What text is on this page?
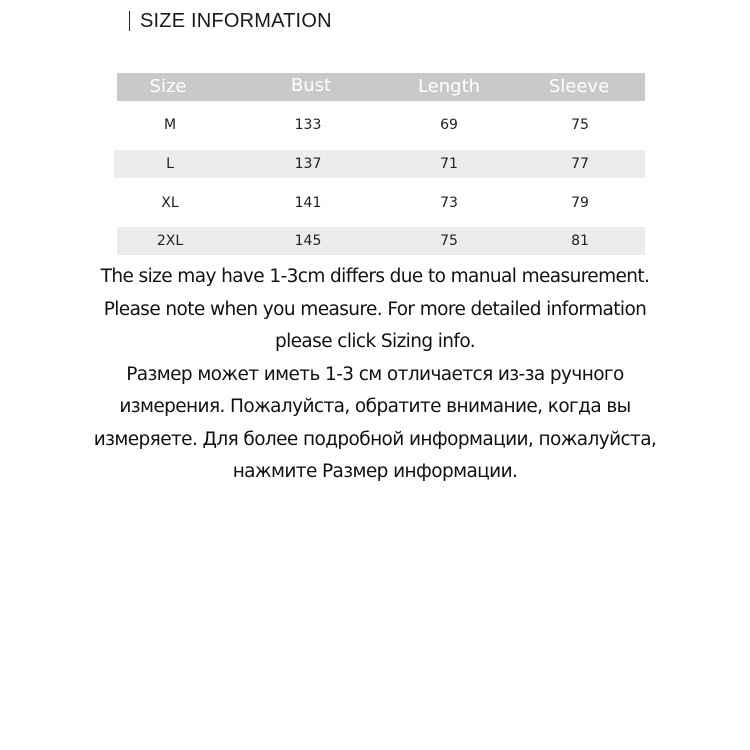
SIZE INFORMATION
Size	Bust	Length	Sleeve
M	133	69	75
L	137	71	77
XL	141	73	79
2XL	145	75	81
The size may have 1-3cm differs due to manual measurement.
Please note when you measure. For more detailed information
please click Sizing info.
Размер может иметь 1-3 см отличается из-за ручного
измерения. Пожалуйста, обратите внимание, когда вы
измеряете. Для более подробной информации, пожалуйста,
нажмите Размер информации.
